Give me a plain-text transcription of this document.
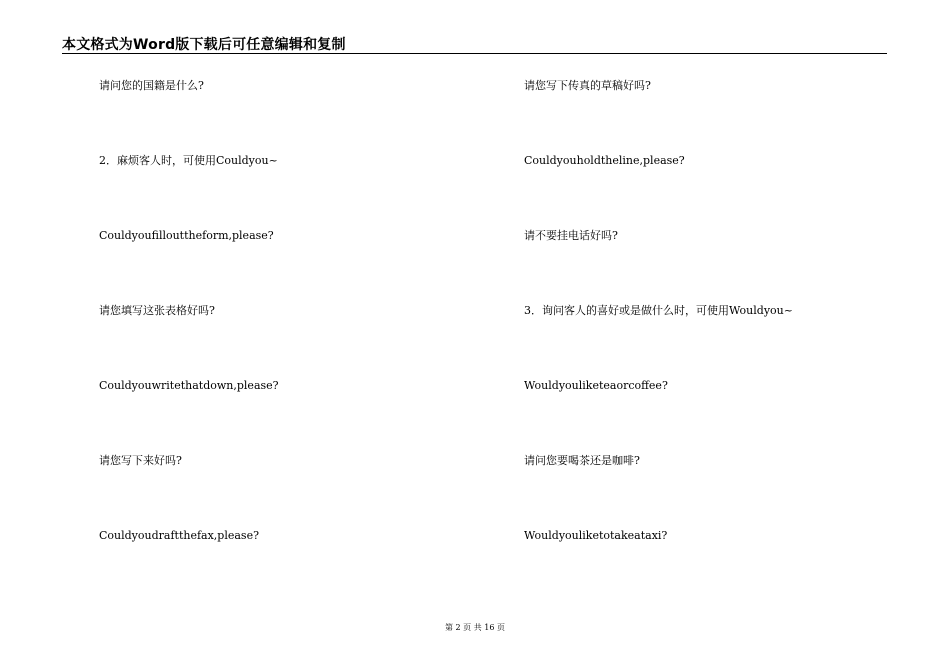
本文格式为Word版下载后可任意编辑和复制
请问您的国籍是什么?
2．麻烦客人时，可使用Couldyou~
Couldyoufillouttheform,please?
请您填写这张表格好吗?
Couldyouwritethatdown,please?
请您写下来好吗?
Couldyoudraftthefax,please?
请您写下传真的草稿好吗?
Couldyouholdtheline,please?
请不要挂电话好吗?
3．询问客人的喜好或是做什么时，可使用Wouldyou~
Wouldyouliketeaorcoffee?
请问您要喝茶还是咖啡?
Wouldyouliketotakeataxi?
第 2 页 共 16 页
